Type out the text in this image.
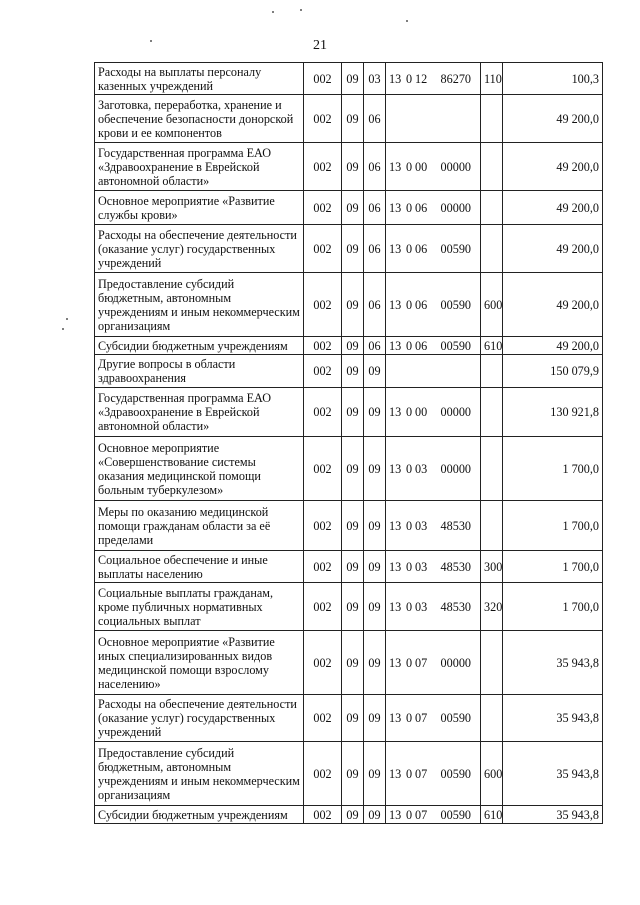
21
Расходы на выплаты персоналу казенных учреждений	002	09	03	13 0 12 86270	110	100,3
Заготовка, переработка, хранение и обеспечение безопасности донорской крови и ее компонентов	002	09	06			49 200,0
Государственная программа ЕАО «Здравоохранение в Еврейской автономной области»	002	09	06	13 0 00 00000		49 200,0
Основное мероприятие «Развитие службы крови»	002	09	06	13 0 06 00000		49 200,0
Расходы на обеспечение деятельности (оказание услуг) государственных учреждений	002	09	06	13 0 06 00590		49 200,0
Предоставление субсидий бюджетным, автономным учреждениям и иным некоммерческим организациям	002	09	06	13 0 06 00590	600	49 200,0
Субсидии бюджетным учреждениям	002	09	06	13 0 06 00590	610	49 200,0
Другие вопросы в области здравоохранения	002	09	09			150 079,9
Государственная программа ЕАО «Здравоохранение в Еврейской автономной области»	002	09	09	13 0 00 00000		130 921,8
Основное мероприятие «Совершенствование системы оказания медицинской помощи больным туберкулезом»	002	09	09	13 0 03 00000		1 700,0
Меры по оказанию медицинской помощи гражданам области за её пределами	002	09	09	13 0 03 48530		1 700,0
Социальное обеспечение и иные выплаты населению	002	09	09	13 0 03 48530	300	1 700,0
Социальные выплаты гражданам, кроме публичных нормативных социальных выплат	002	09	09	13 0 03 48530	320	1 700,0
Основное мероприятие «Развитие иных специализированных видов медицинской помощи взрослому населению»	002	09	09	13 0 07 00000		35 943,8
Расходы на обеспечение деятельности (оказание услуг) государственных учреждений	002	09	09	13 0 07 00590		35 943,8
Предоставление субсидий бюджетным, автономным учреждениям и иным некоммерческим организациям	002	09	09	13 0 07 00590	600	35 943,8
Субсидии бюджетным учреждениям	002	09	09	13 0 07 00590	610	35 943,8
